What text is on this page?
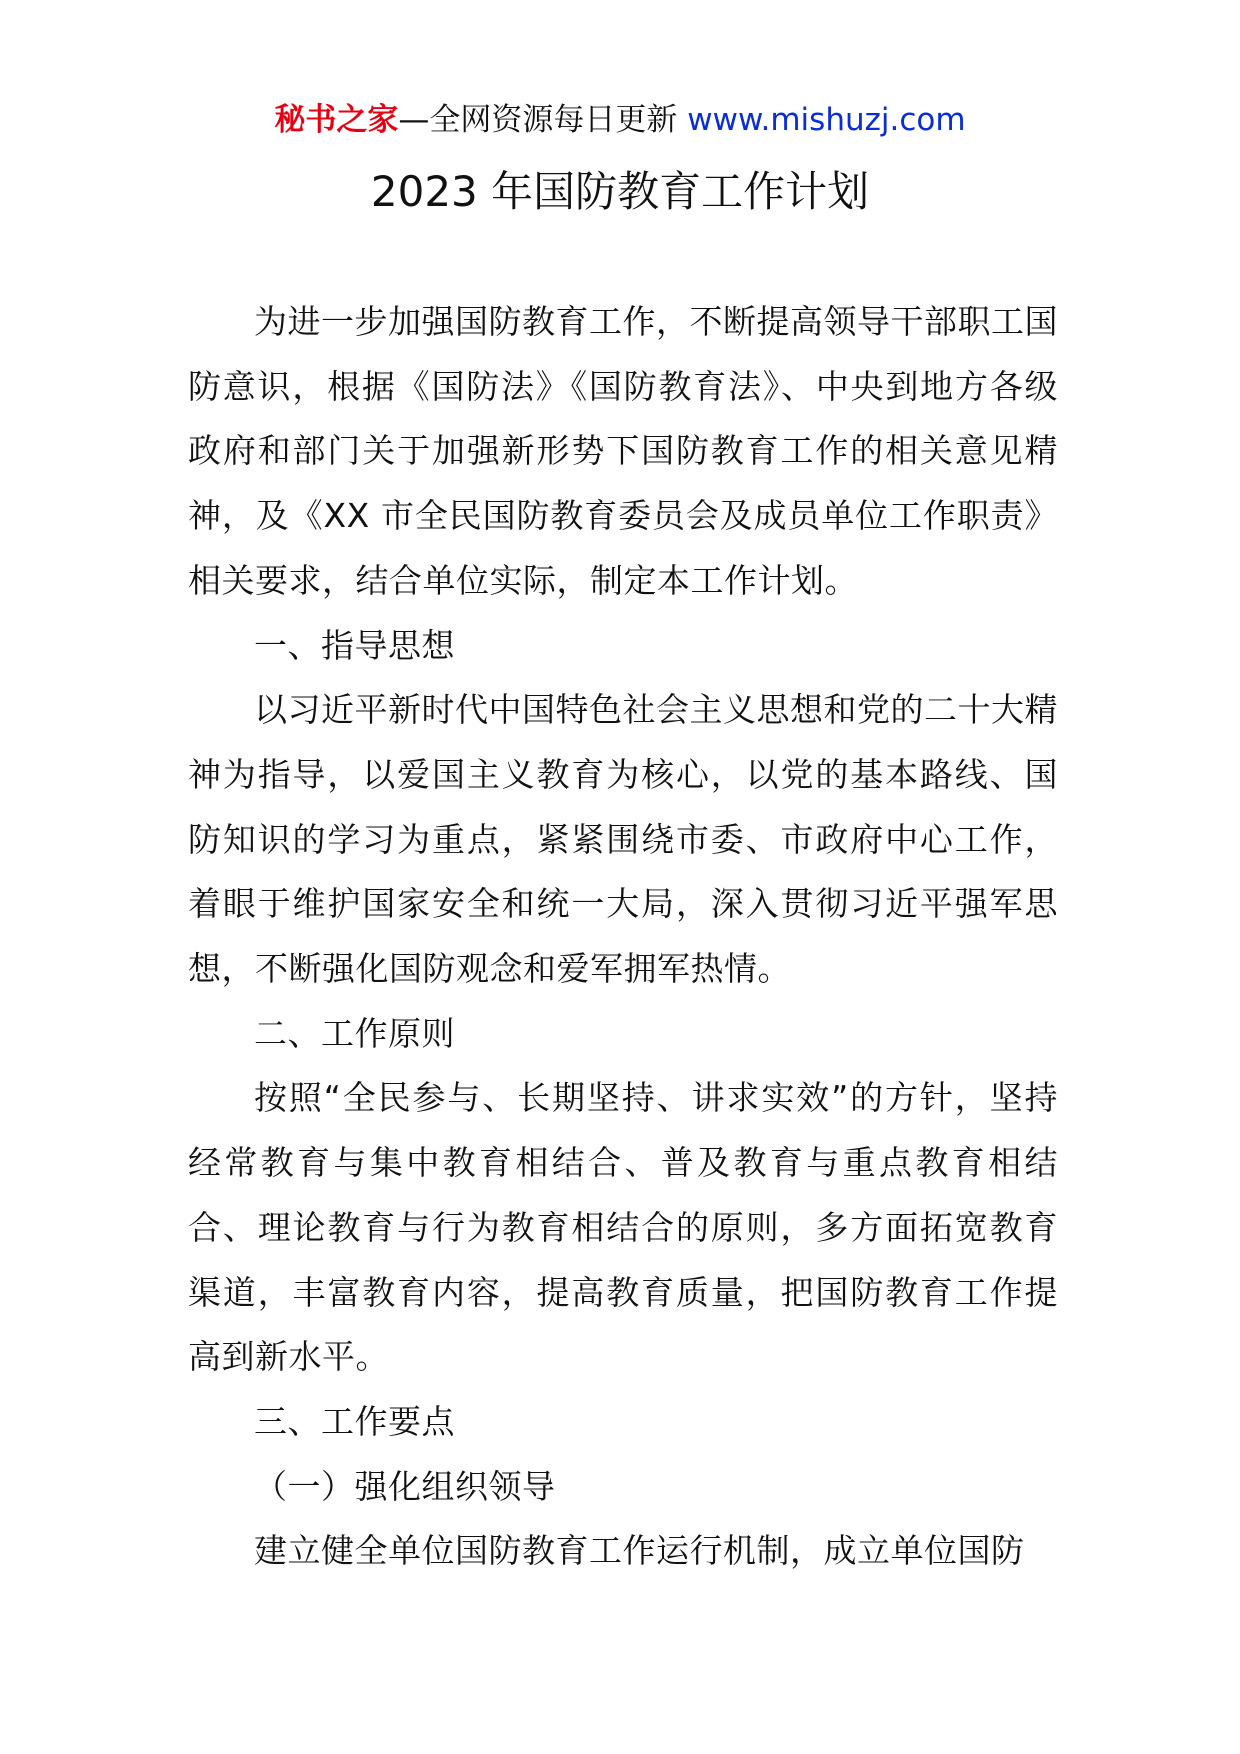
秘书之家—全网资源每日更新 www.mishuzj.com
2023 年国防教育工作计划

为进一步加强国防教育工作，不断提高领导干部职工国防意识，根据《国防法》《国防教育法》、中央到地方各级政府和部门关于加强新形势下国防教育工作的相关意见精神，及《XX 市全民国防教育委员会及成员单位工作职责》相关要求，结合单位实际，制定本工作计划。

一、指导思想

以习近平新时代中国特色社会主义思想和党的二十大精神为指导，以爱国主义教育为核心，以党的基本路线、国防知识的学习为重点，紧紧围绕市委、市政府中心工作，着眼于维护国家安全和统一大局，深入贯彻习近平强军思想，不断强化国防观念和爱军拥军热情。

二、工作原则

按照“全民参与、长期坚持、讲求实效”的方针，坚持经常教育与集中教育相结合、普及教育与重点教育相结合、理论教育与行为教育相结合的原则，多方面拓宽教育渠道，丰富教育内容，提高教育质量，把国防教育工作提高到新水平。

三、工作要点

（一）强化组织领导

建立健全单位国防教育工作运行机制，成立单位国防
